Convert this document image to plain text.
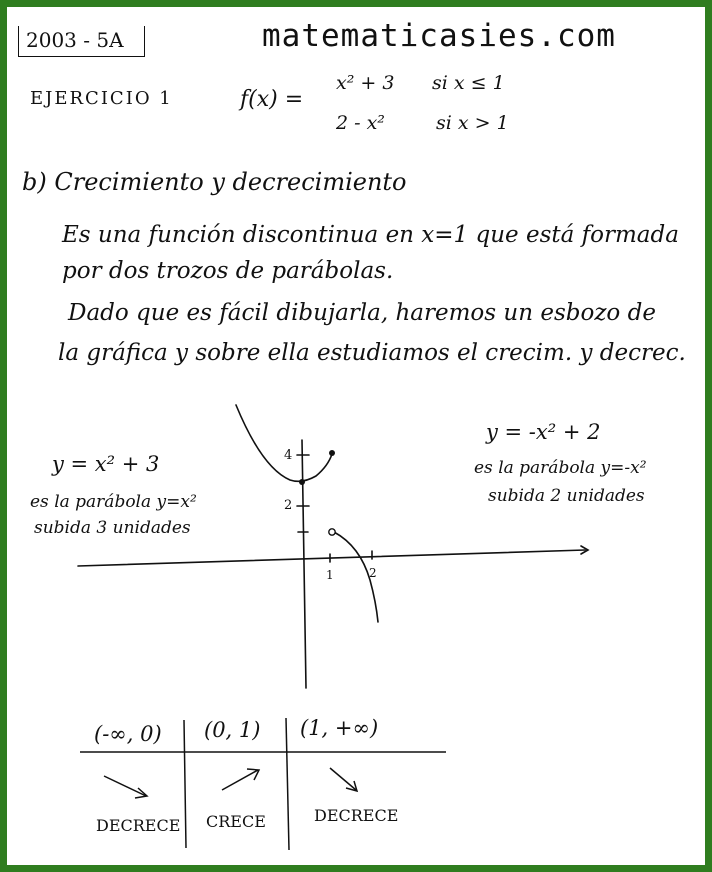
2003 - 5A	matematicasies.com
EJERCICIO 1	f(x) =
x² + 3 si x ≤ 1
2 - x²	si x > 1
b) Crecimiento y decrecimiento
Es una función discontinua en x=1 que está formada
por dos trozos de parábolas.
Dado que es fácil dibujarla, haremos un esbozo de
la gráfica y sobre ella estudiamos el crecim. y decrec.
y = x² + 3
es la parábola y=x²
subida 3 unidades
y = -x² + 2
es la parábola y=-x²
subida 2 unidades
4
2
1	2
(-∞, 0) (0, 1) (1, +∞)
DECRECE CRECE	DECRECE
